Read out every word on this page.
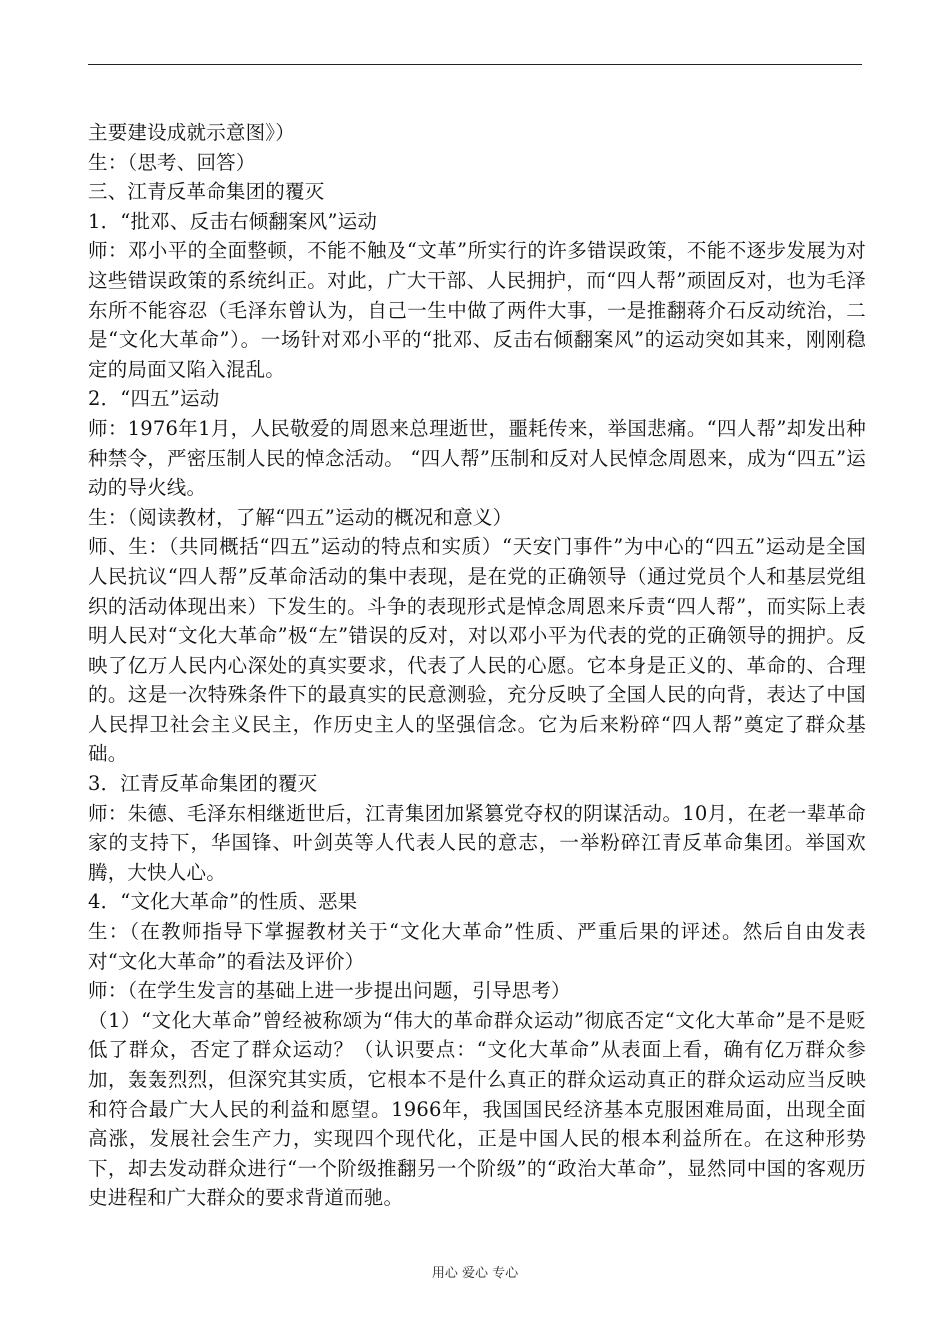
主要建设成就示意图》）

生：（思考、回答）

三、江青反革命集团的覆灭

1．“批邓、反击右倾翻案风”运动

师：邓小平的全面整顿，不能不触及“文革”所实行的许多错误政策，不能不逐步发展为对这些错误政策的系统纠正。对此，广大干部、人民拥护，而“四人帮”顽固反对，也为毛泽东所不能容忍（毛泽东曾认为，自己一生中做了两件大事，一是推翻蒋介石反动统治，二是“文化大革命”）。一场针对邓小平的“批邓、反击右倾翻案风”的运动突如其来，刚刚稳定的局面又陷入混乱。

2．“四五”运动

师：1976年1月，人民敬爱的周恩来总理逝世，噩耗传来，举国悲痛。“四人帮”却发出种种禁令，严密压制人民的悼念活动。 “四人帮”压制和反对人民悼念周恩来，成为“四五”运动的导火线。

生：（阅读教材，了解“四五”运动的概况和意义）

师、生：（共同概括“四五”运动的特点和实质）“天安门事件”为中心的“四五”运动是全国人民抗议“四人帮”反革命活动的集中表现，是在党的正确领导（通过党员个人和基层党组织的活动体现出来）下发生的。斗争的表现形式是悼念周恩来斥责“四人帮”，而实际上表明人民对“文化大革命”极“左”错误的反对，对以邓小平为代表的党的正确领导的拥护。反映了亿万人民内心深处的真实要求，代表了人民的心愿。它本身是正义的、革命的、合理的。这是一次特殊条件下的最真实的民意测验，充分反映了全国人民的向背，表达了中国人民捍卫社会主义民主，作历史主人的坚强信念。它为后来粉碎“四人帮”奠定了群众基础。

3．江青反革命集团的覆灭

师：朱德、毛泽东相继逝世后，江青集团加紧篡党夺权的阴谋活动。10月，在老一辈革命家的支持下，华国锋、叶剑英等人代表人民的意志，一举粉碎江青反革命集团。举国欢腾，大快人心。

4．“文化大革命”的性质、恶果

生：（在教师指导下掌握教材关于“文化大革命”性质、严重后果的评述。然后自由发表对“文化大革命”的看法及评价）

师：（在学生发言的基础上进一步提出问题，引导思考）

（1）“文化大革命”曾经被称颂为“伟大的革命群众运动”彻底否定“文化大革命”是不是贬低了群众，否定了群众运动？（认识要点：“文化大革命”从表面上看，确有亿万群众参加，轰轰烈烈，但深究其实质，它根本不是什么真正的群众运动真正的群众运动应当反映和符合最广大人民的利益和愿望。1966年，我国国民经济基本克服困难局面，出现全面高涨，发展社会生产力，实现四个现代化，正是中国人民的根本利益所在。在这种形势下，却去发动群众进行“一个阶级推翻另一个阶级”的“政治大革命”，显然同中国的客观历史进程和广大群众的要求背道而驰。

用心 爱心 专心
